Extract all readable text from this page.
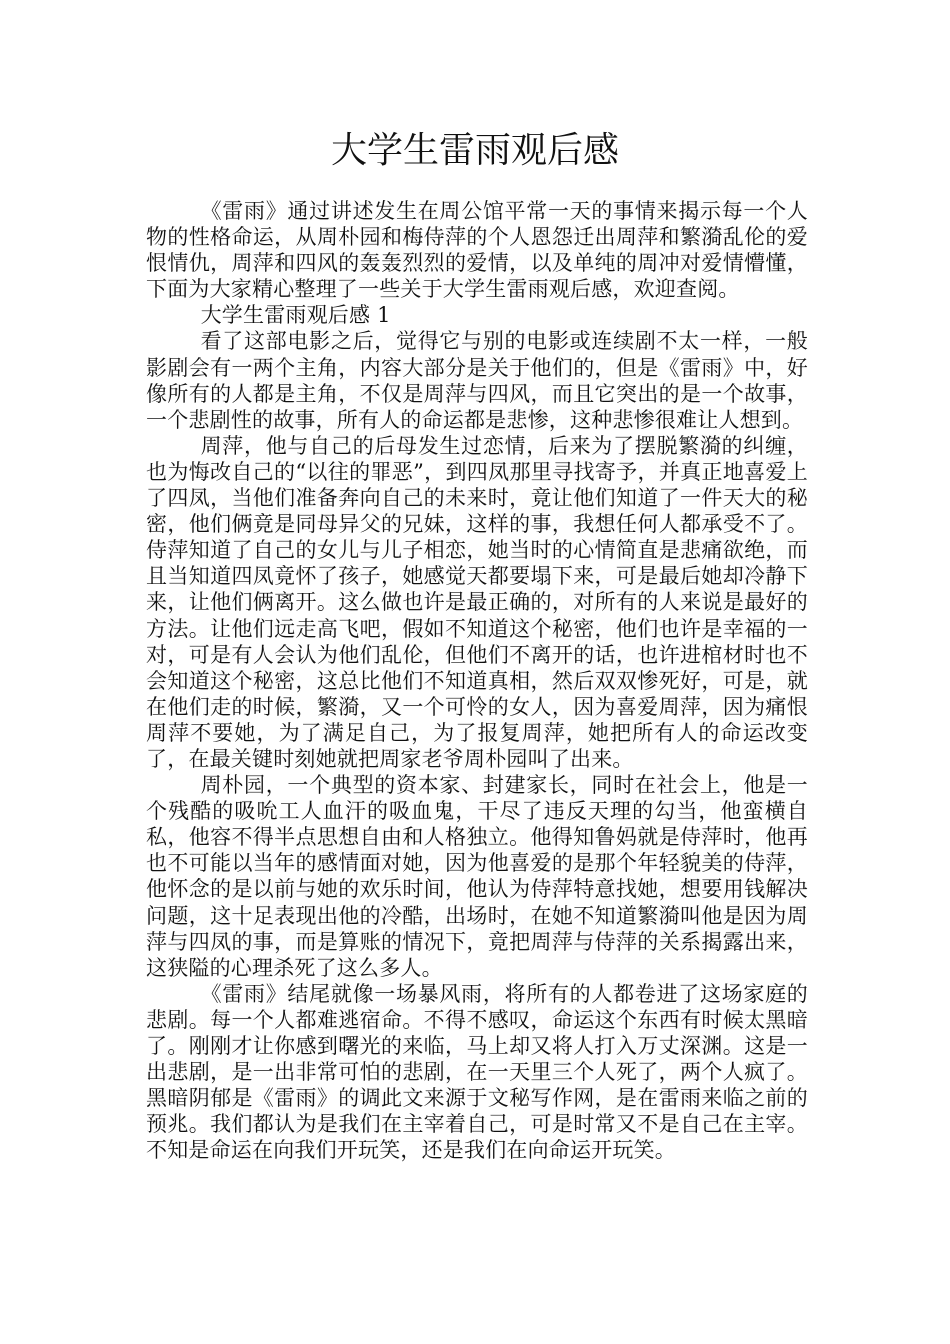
大学生雷雨观后感

《雷雨》通过讲述发生在周公馆平常一天的事情来揭示每一个人物的性格命运，从周朴园和梅侍萍的个人恩怨迁出周萍和繁漪乱伦的爱恨情仇，周萍和四风的轰轰烈烈的爱情，以及单纯的周冲对爱情懵懂，下面为大家精心整理了一些关于大学生雷雨观后感，欢迎查阅。

大学生雷雨观后感 1

看了这部电影之后，觉得它与别的电影或连续剧不太一样，一般影剧会有一两个主角，内容大部分是关于他们的，但是《雷雨》中，好像所有的人都是主角，不仅是周萍与四风，而且它突出的是一个故事，一个悲剧性的故事，所有人的命运都是悲惨，这种悲惨很难让人想到。

周萍，他与自己的后母发生过恋情，后来为了摆脱繁漪的纠缠，也为悔改自己的“以往的罪恶”，到四凤那里寻找寄予，并真正地喜爱上了四凤，当他们准备奔向自己的未来时，竟让他们知道了一件天大的秘密，他们俩竟是同母异父的兄妹，这样的事，我想任何人都承受不了。侍萍知道了自己的女儿与儿子相恋，她当时的心情简直是悲痛欲绝，而且当知道四凤竟怀了孩子，她感觉天都要塌下来，可是最后她却冷静下来，让他们俩离开。这么做也许是最正确的，对所有的人来说是最好的方法。让他们远走高飞吧，假如不知道这个秘密，他们也许是幸福的一对，可是有人会认为他们乱伦，但他们不离开的话，也许进棺材时也不会知道这个秘密，这总比他们不知道真相，然后双双惨死好，可是，就在他们走的时候，繁漪，又一个可怜的女人，因为喜爱周萍，因为痛恨周萍不要她，为了满足自己，为了报复周萍，她把所有人的命运改变了，在最关键时刻她就把周家老爷周朴园叫了出来。

周朴园，一个典型的资本家、封建家长，同时在社会上，他是一个残酷的吸吮工人血汗的吸血鬼，干尽了违反天理的勾当，他蛮横自私，他容不得半点思想自由和人格独立。他得知鲁妈就是侍萍时，他再也不可能以当年的感情面对她，因为他喜爱的是那个年轻貌美的侍萍，他怀念的是以前与她的欢乐时间，他认为侍萍特意找她，想要用钱解决问题，这十足表现出他的冷酷，出场时，在她不知道繁漪叫他是因为周萍与四凤的事，而是算账的情况下，竟把周萍与侍萍的关系揭露出来，这狭隘的心理杀死了这么多人。

《雷雨》结尾就像一场暴风雨，将所有的人都卷进了这场家庭的悲剧。每一个人都难逃宿命。不得不感叹，命运这个东西有时候太黑暗了。刚刚才让你感到曙光的来临，马上却又将人打入万丈深渊。这是一出悲剧，是一出非常可怕的悲剧，在一天里三个人死了，两个人疯了。黑暗阴郁是《雷雨》的调此文来源于文秘写作网，是在雷雨来临之前的预兆。我们都认为是我们在主宰着自己，可是时常又不是自己在主宰。不知是命运在向我们开玩笑，还是我们在向命运开玩笑。
